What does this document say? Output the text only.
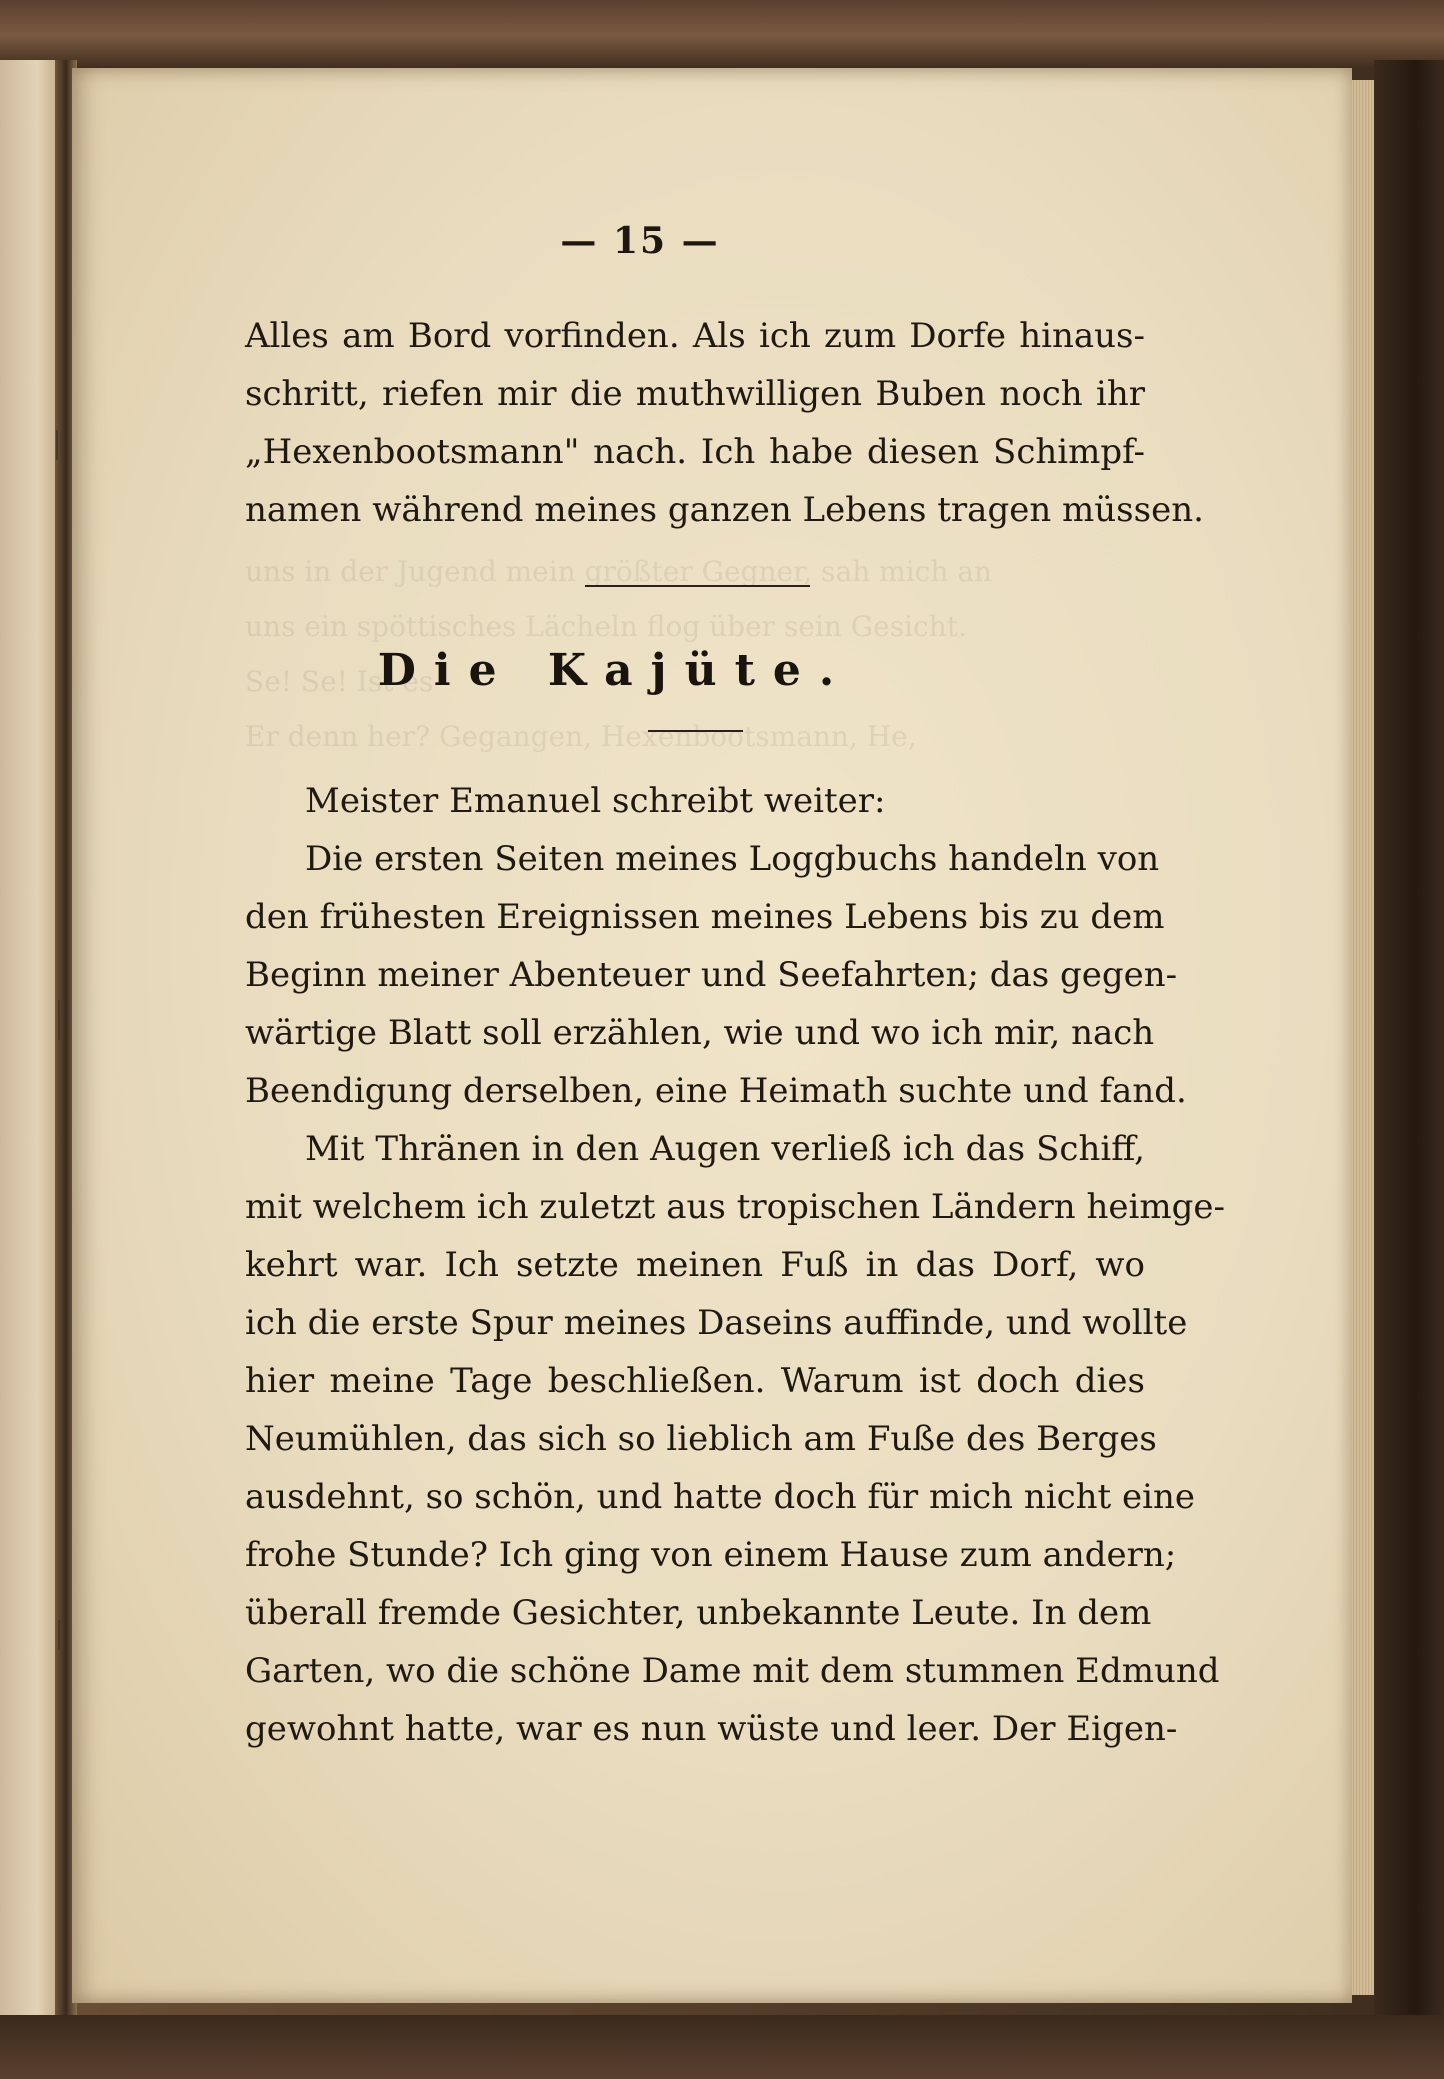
uns in der Jugend mein größter Gegner, sah mich an
uns ein spöttisches Lächeln flog über sein Gesicht.
Se! Se! Ist es
Er denn her? Gegangen, Hexenbootsmann, He,
— 15 —
Alles am Bord vorfinden. Als ich zum Dorfe hinaus-
schritt, riefen mir die muthwilligen Buben noch ihr
„Hexenbootsmann" nach. Ich habe diesen Schimpf-
namen während meines ganzen Lebens tragen müssen.
Die Kajüte.
Meister Emanuel schreibt weiter:
Die ersten Seiten meines Loggbuchs handeln von
den frühesten Ereignissen meines Lebens bis zu dem
Beginn meiner Abenteuer und Seefahrten; das gegen-
wärtige Blatt soll erzählen, wie und wo ich mir, nach
Beendigung derselben, eine Heimath suchte und fand.
Mit Thränen in den Augen verließ ich das Schiff,
mit welchem ich zuletzt aus tropischen Ländern heimge-
kehrt war. Ich setzte meinen Fuß in das Dorf, wo
ich die erste Spur meines Daseins auffinde, und wollte
hier meine Tage beschließen. Warum ist doch dies
Neumühlen, das sich so lieblich am Fuße des Berges
ausdehnt, so schön, und hatte doch für mich nicht eine
frohe Stunde? Ich ging von einem Hause zum andern;
überall fremde Gesichter, unbekannte Leute. In dem
Garten, wo die schöne Dame mit dem stummen Edmund
gewohnt hatte, war es nun wüste und leer. Der Eigen-
